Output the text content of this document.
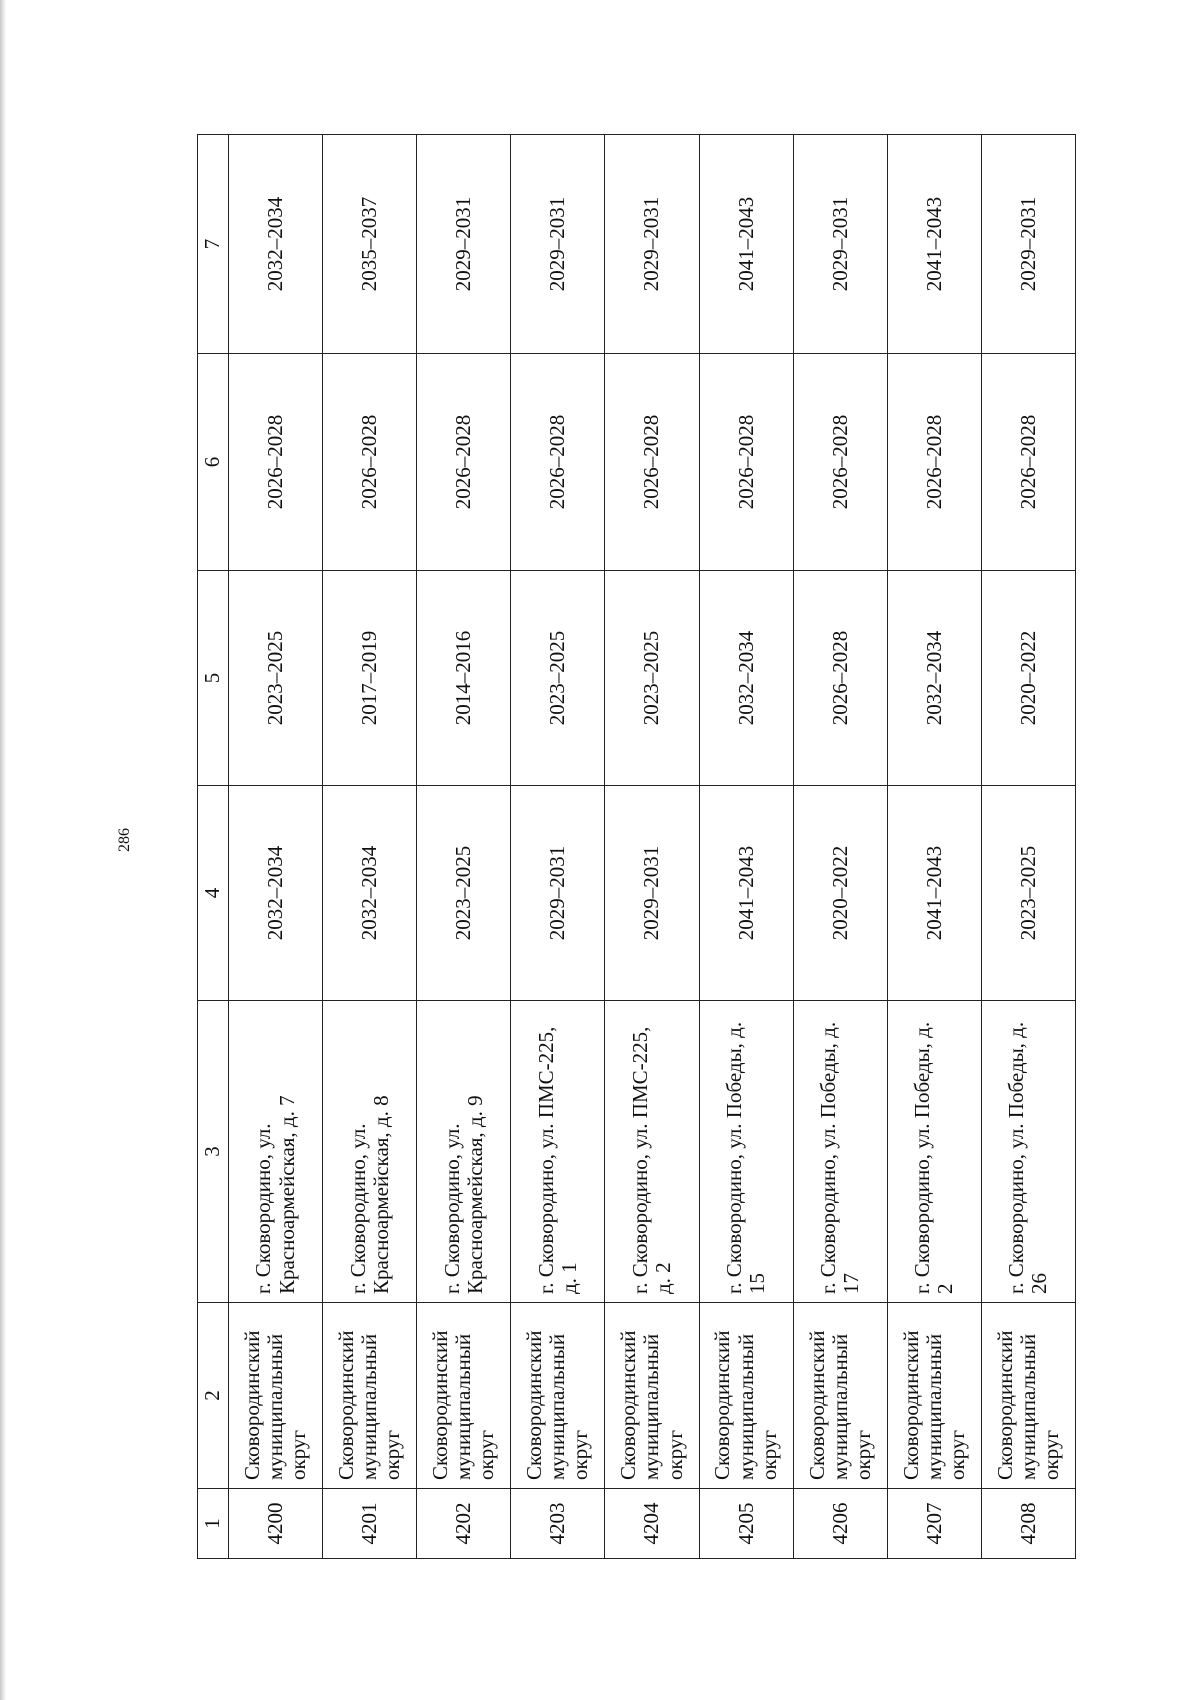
286
1	2	3	4	5	6	7
4200	Сковородинский муниципальный округ	г. Сковородино, ул. Красноармейская, д. 7	2032–2034	2023–2025	2026–2028	2032–2034
4201	Сковородинский муниципальный округ	г. Сковородино, ул. Красноармейская, д. 8	2032–2034	2017–2019	2026–2028	2035–2037
4202	Сковородинский муниципальный округ	г. Сковородино, ул. Красноармейская, д. 9	2023–2025	2014–2016	2026–2028	2029–2031
4203	Сковородинский муниципальный округ	г. Сковородино, ул. ПМС-225, д. 1	2029–2031	2023–2025	2026–2028	2029–2031
4204	Сковородинский муниципальный округ	г. Сковородино, ул. ПМС-225, д. 2	2029–2031	2023–2025	2026–2028	2029–2031
4205	Сковородинский муниципальный округ	г. Сковородино, ул. Победы, д. 15	2041–2043	2032–2034	2026–2028	2041–2043
4206	Сковородинский муниципальный округ	г. Сковородино, ул. Победы, д. 17	2020–2022	2026–2028	2026–2028	2029–2031
4207	Сковородинский муниципальный округ	г. Сковородино, ул. Победы, д. 2	2041–2043	2032–2034	2026–2028	2041–2043
4208	Сковородинский муниципальный округ	г. Сковородино, ул. Победы, д. 26	2023–2025	2020–2022	2026–2028	2029–2031
